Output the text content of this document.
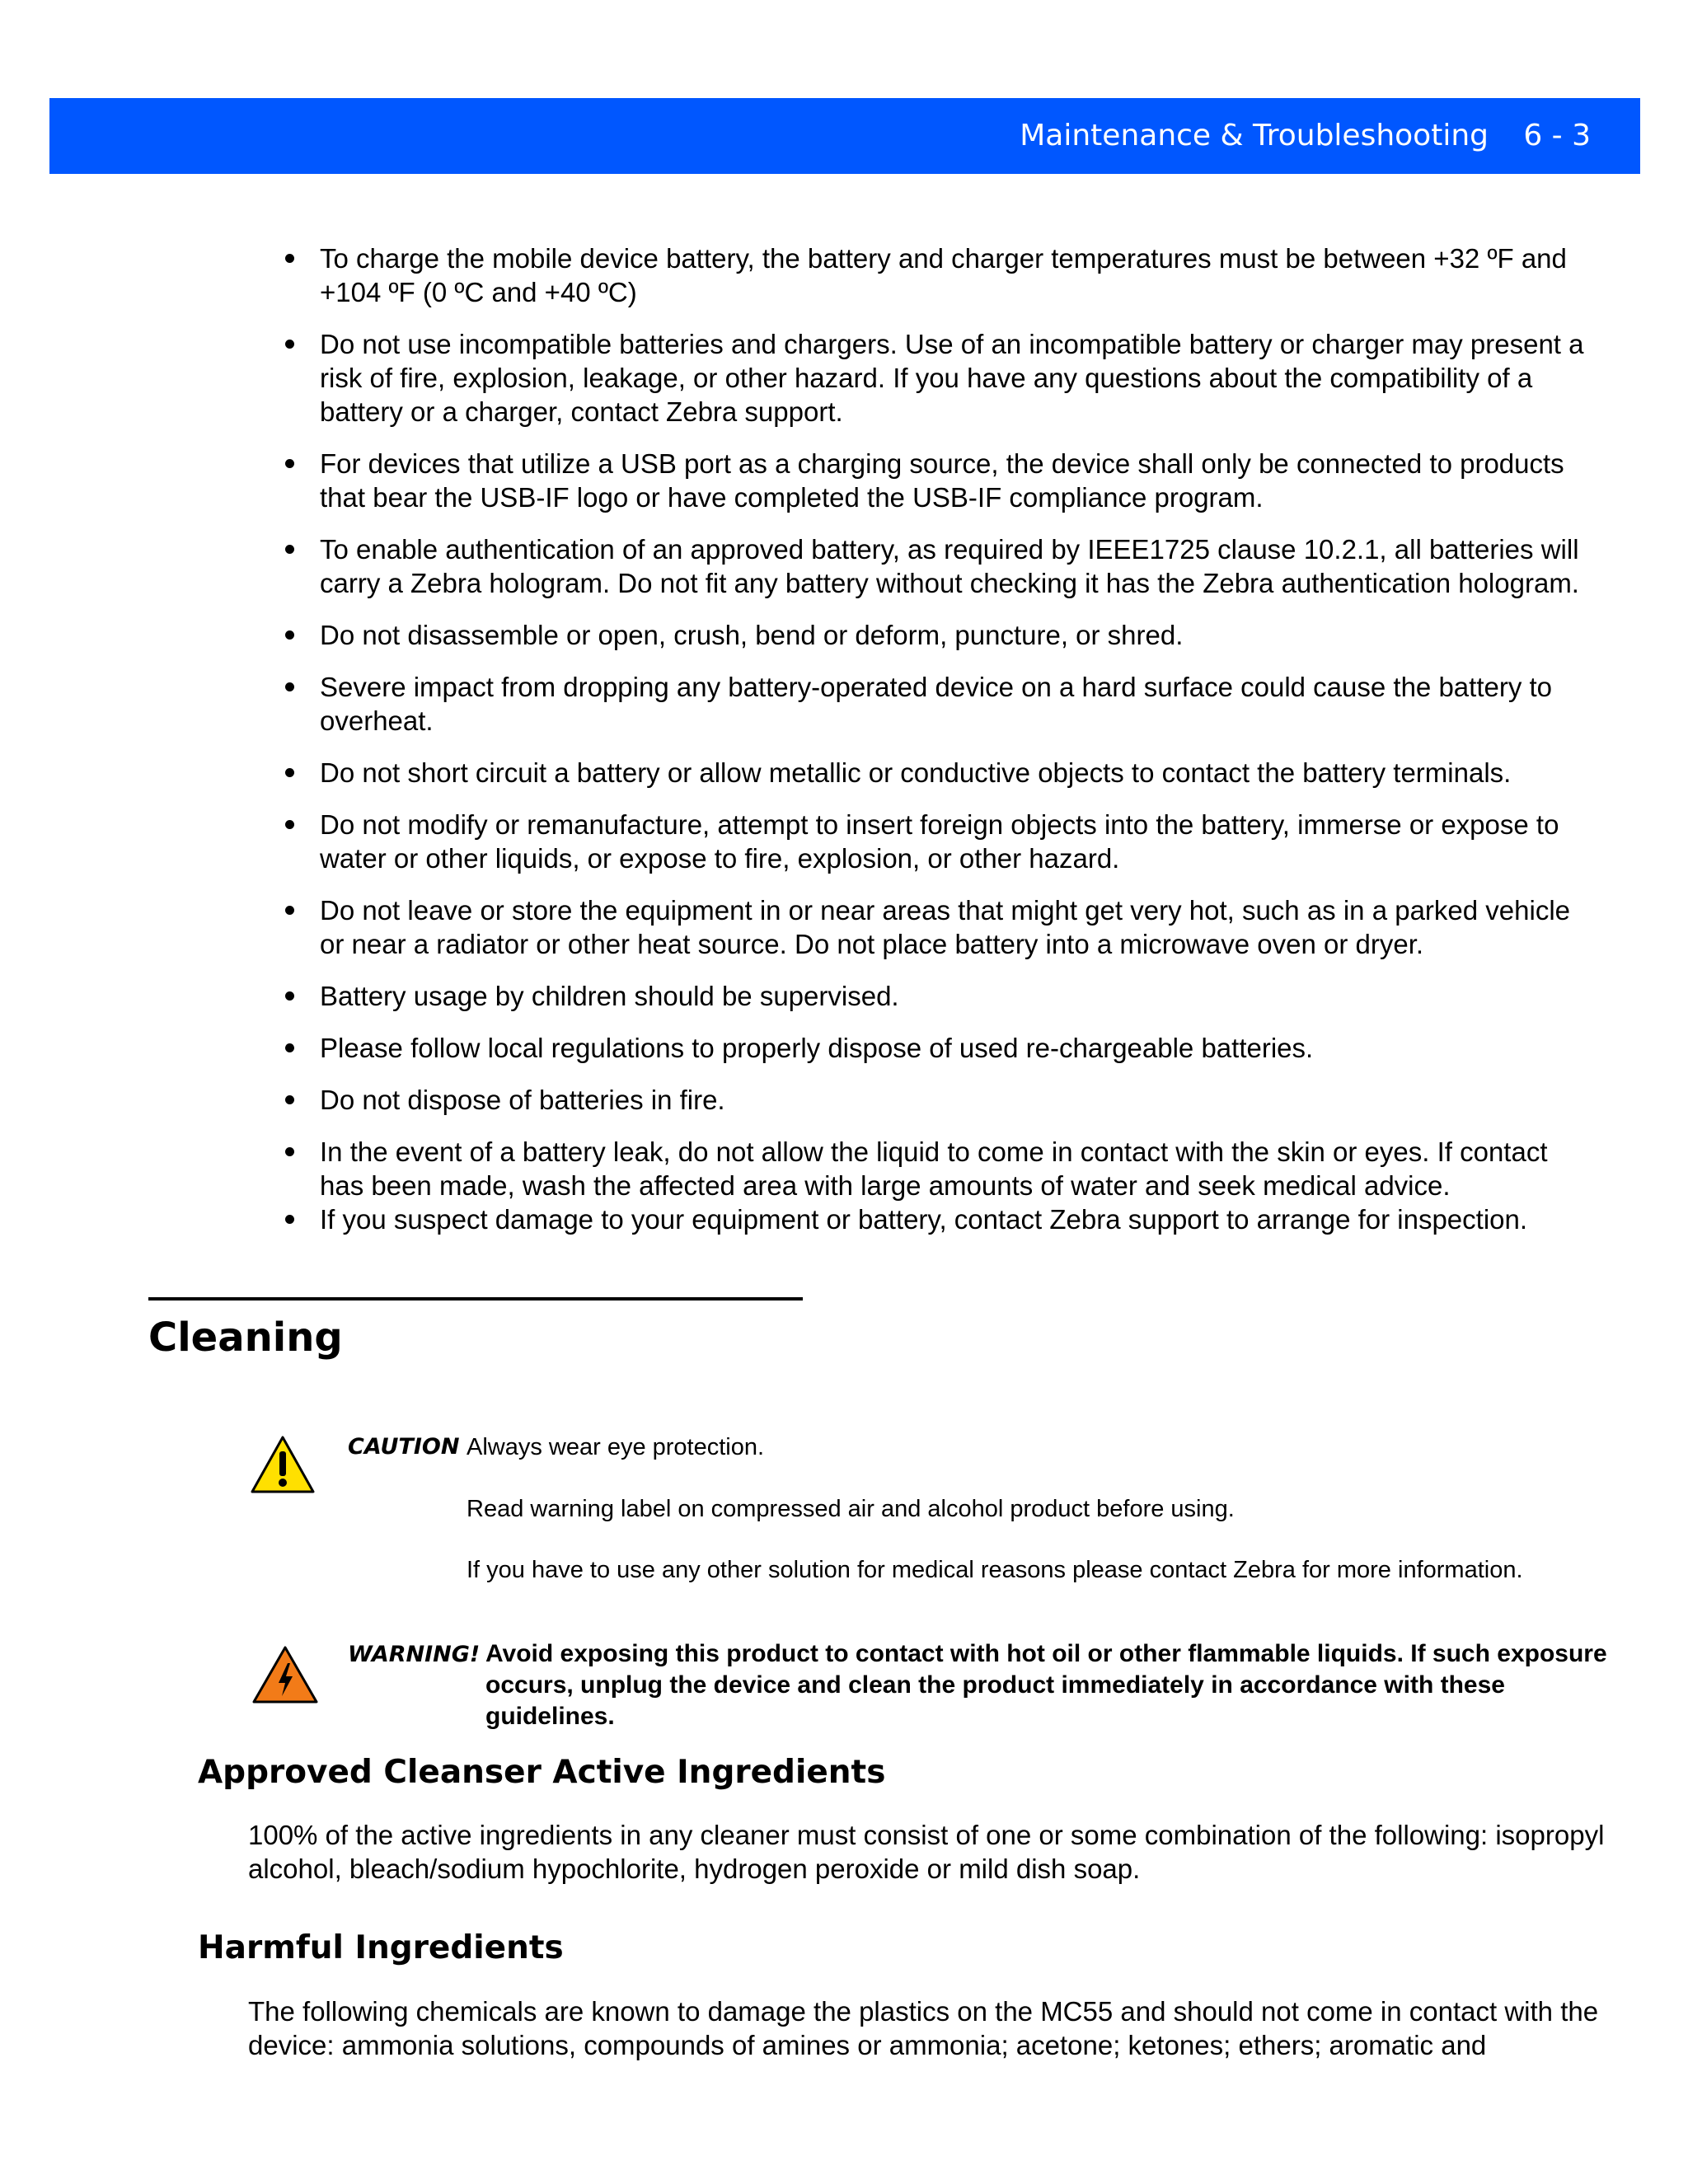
Maintenance & Troubleshooting 6 - 3
To charge the mobile device battery, the battery and charger temperatures must be between +32 ºF and +104 ºF (0 ºC and +40 ºC)
Do not use incompatible batteries and chargers. Use of an incompatible battery or charger may present a risk of fire, explosion, leakage, or other hazard. If you have any questions about the compatibility of a battery or a charger, contact Zebra support.
For devices that utilize a USB port as a charging source, the device shall only be connected to products that bear the USB-IF logo or have completed the USB-IF compliance program.
To enable authentication of an approved battery, as required by IEEE1725 clause 10.2.1, all batteries will carry a Zebra hologram. Do not fit any battery without checking it has the Zebra authentication hologram.
Do not disassemble or open, crush, bend or deform, puncture, or shred.
Severe impact from dropping any battery-operated device on a hard surface could cause the battery to overheat.
Do not short circuit a battery or allow metallic or conductive objects to contact the battery terminals.
Do not modify or remanufacture, attempt to insert foreign objects into the battery, immerse or expose to water or other liquids, or expose to fire, explosion, or other hazard.
Do not leave or store the equipment in or near areas that might get very hot, such as in a parked vehicle or near a radiator or other heat source. Do not place battery into a microwave oven or dryer.
Battery usage by children should be supervised.
Please follow local regulations to properly dispose of used re-chargeable batteries.
Do not dispose of batteries in fire.
In the event of a battery leak, do not allow the liquid to come in contact with the skin or eyes. If contact has been made, wash the affected area with large amounts of water and seek medical advice.
If you suspect damage to your equipment or battery, contact Zebra support to arrange for inspection.
Cleaning
CAUTION Always wear eye protection.
Read warning label on compressed air and alcohol product before using.
If you have to use any other solution for medical reasons please contact Zebra for more information.
WARNING! Avoid exposing this product to contact with hot oil or other flammable liquids. If such exposure occurs, unplug the device and clean the product immediately in accordance with these guidelines.
Approved Cleanser Active Ingredients

100% of the active ingredients in any cleaner must consist of one or some combination of the following: isopropyl alcohol, bleach/sodium hypochlorite, hydrogen peroxide or mild dish soap.

Harmful Ingredients

The following chemicals are known to damage the plastics on the MC55 and should not come in contact with the device: ammonia solutions, compounds of amines or ammonia; acetone; ketones; ethers; aromatic and
